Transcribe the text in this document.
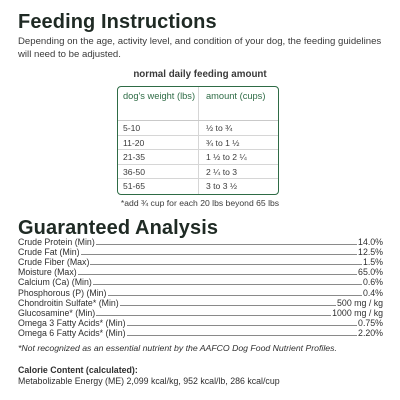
Feeding Instructions

Depending on the age, activity level, and condition of your dog, the feeding guidelines will need to be adjusted.

normal daily feeding amount
dog's weight (lbs)	amount (cups)
5-10	½ to ¾
11-20	¾ to 1 ½
21-35	1 ½ to 2 ¼
36-50	2 ¼ to 3
51-65	3 to 3 ½
*add ¾ cup for each 20 lbs beyond 65 lbs
Guaranteed Analysis
Crude Protein (Min)	14.0%
Crude Fat (Min)	12.5%
Crude Fiber (Max)	1.5%
Moisture (Max)	65.0%
Calcium (Ca) (Min)	0.6%
Phosphorous (P) (Min)	0.4%
Chondroitin Sulfate* (Min)	500 mg / kg
Glucosamine* (Min)	1000 mg / kg
Omega 3 Fatty Acids* (Min)	0.75%
Omega 6 Fatty Acids* (Min)	2.20%
*Not recognized as an essential nutrient by the AAFCO Dog Food Nutrient Profiles.
Calorie Content (calculated):
Metabolizable Energy (ME) 2,099 kcal/kg, 952 kcal/lb, 286 kcal/cup
